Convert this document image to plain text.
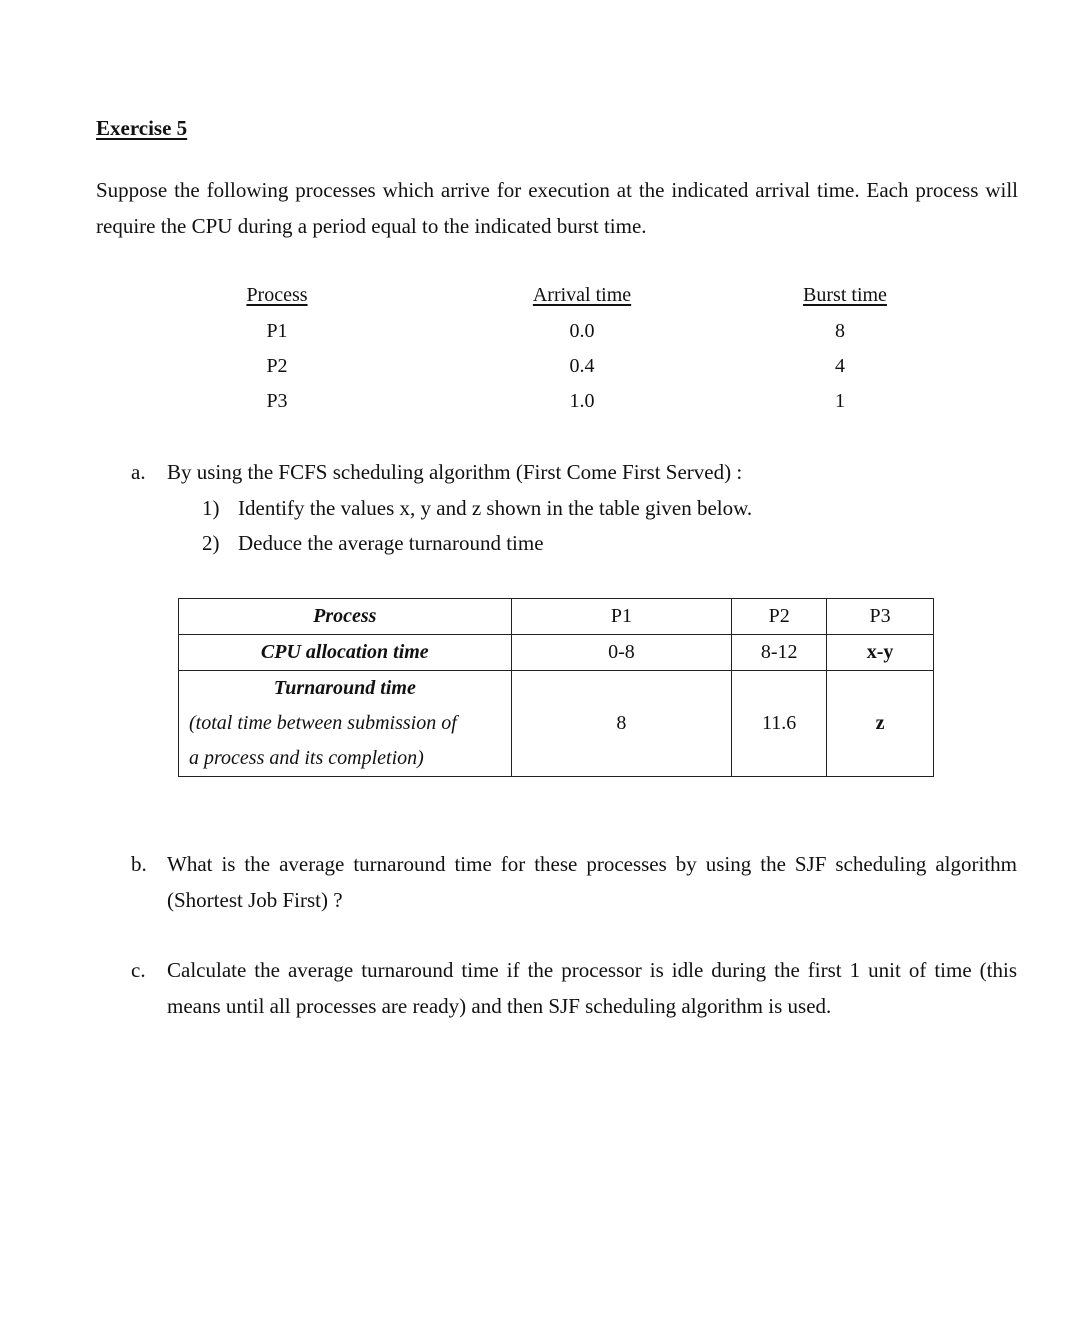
Exercise 5
Suppose the following processes which arrive for execution at the indicated arrival time. Each process will require the CPU during a period equal to the indicated burst time.
Process	Arrival time	Burst time
P1	0.0	8
P2	0.4	4
P3	1.0	1
a. By using the FCFS scheduling algorithm (First Come First Served) :
1) Identify the values x, y and z shown in the table given below.
2) Deduce the average turnaround time
Process	P1	P2	P3
CPU allocation time	0-8	8-12	x-y

Turnaround time
(total time between submission of
a process and its completion)	8	11.6	z
b. What is the average turnaround time for these processes by using the SJF scheduling algorithm (Shortest Job First) ?
c. Calculate the average turnaround time if the processor is idle during the first 1 unit of time (this means until all processes are ready) and then SJF scheduling algorithm is used.
